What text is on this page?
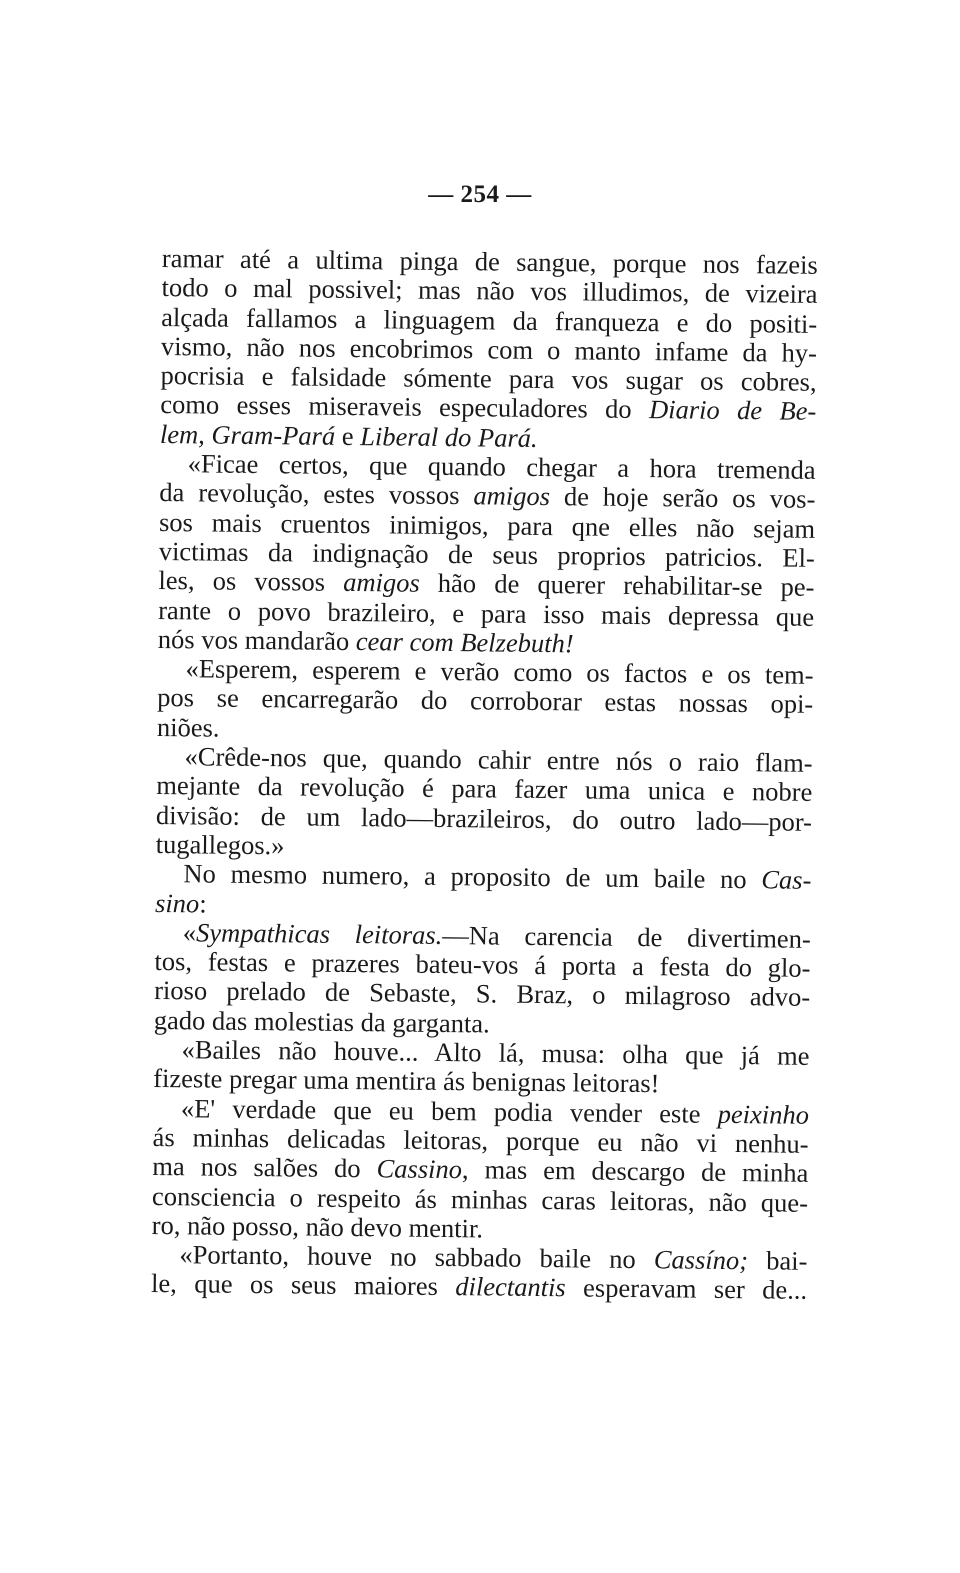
— 254 —
ramar até a ultima pinga de sangue, porque nos fazeis
todo o mal possivel; mas não vos illudimos, de vizeira
alçada fallamos a linguagem da franqueza e do positi-
vismo, não nos encobrimos com o manto infame da hy-
pocrisia e falsidade sómente para vos sugar os cobres,
como esses miseraveis especuladores do Diario de Be-
lem, Gram-Pará e Liberal do Pará.
«Ficae certos, que quando chegar a hora tremenda
da revolução, estes vossos amigos de hoje serão os vos-
sos mais cruentos inimigos, para qne elles não sejam
victimas da indignação de seus proprios patricios. El-
les, os vossos amigos hão de querer rehabilitar-se pe-
rante o povo brazileiro, e para isso mais depressa que
nós vos mandarão cear com Belzebuth!
«Esperem, esperem e verão como os factos e os tem-
pos se encarregarão do corroborar estas nossas opi-
niões.
«Crêde-nos que, quando cahir entre nós o raio flam-
mejante da revolução é para fazer uma unica e nobre
divisão: de um lado—brazileiros, do outro lado—por-
tugallegos.»
No mesmo numero, a proposito de um baile no Cas-
sino:
«Sympathicas leitoras.—Na carencia de divertimen-
tos, festas e prazeres bateu-vos á porta a festa do glo-
rioso prelado de Sebaste, S. Braz, o milagroso advo-
gado das molestias da garganta.
«Bailes não houve... Alto lá, musa: olha que já me
fizeste pregar uma mentira ás benignas leitoras!
«E' verdade que eu bem podia vender este peixinho
ás minhas delicadas leitoras, porque eu não vi nenhu-
ma nos salões do Cassino, mas em descargo de minha
consciencia o respeito ás minhas caras leitoras, não que-
ro, não posso, não devo mentir.
«Portanto, houve no sabbado baile no Cassíno; bai-
le, que os seus maiores dilectantis esperavam ser de...
